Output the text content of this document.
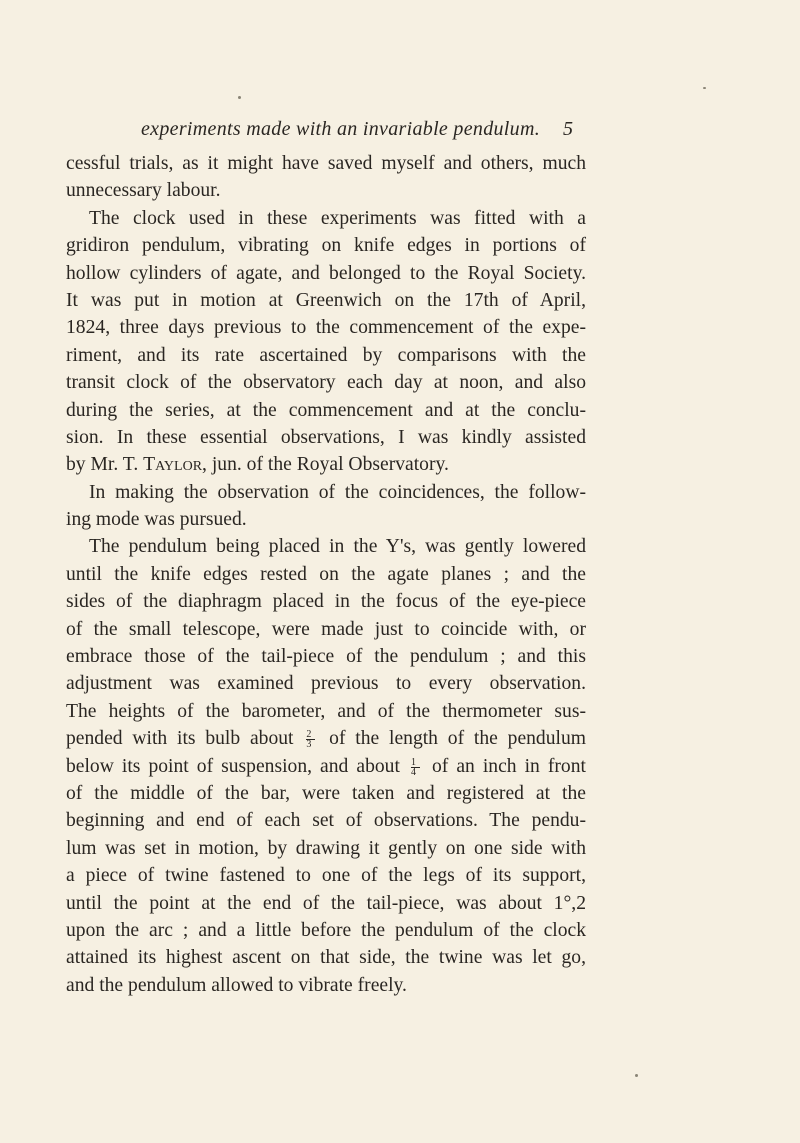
experiments made with an invariable pendulum. 5
cessful trials, as it might have saved myself and others, much
unnecessary labour.
The clock used in these experiments was fitted with a
gridiron pendulum, vibrating on knife edges in portions of
hollow cylinders of agate, and belonged to the Royal Society.
It was put in motion at Greenwich on the 17th of April,
1824, three days previous to the commencement of the expe-
riment, and its rate ascertained by comparisons with the
transit clock of the observatory each day at noon, and also
during the series, at the commencement and at the conclu-
sion. In these essential observations, I was kindly assisted
by Mr. T. Taylor, jun. of the Royal Observatory.
In making the observation of the coincidences, the follow-
ing mode was pursued.
The pendulum being placed in the Y's, was gently lowered
until the knife edges rested on the agate planes ; and the
sides of the diaphragm placed in the focus of the eye-piece
of the small telescope, were made just to coincide with, or
embrace those of the tail-piece of the pendulum ; and this
adjustment was examined previous to every observation.
The heights of the barometer, and of the thermometer sus-
pended with its bulb about $\frac{2}{3}$ of the length of the pendulum
below its point of suspension, and about $\frac{1}{4}$ of an inch in front
of the middle of the bar, were taken and registered at the
beginning and end of each set of observations. The pendu-
lum was set in motion, by drawing it gently on one side with
a piece of twine fastened to one of the legs of its support,
until the point at the end of the tail-piece, was about 1°,2
upon the arc ; and a little before the pendulum of the clock
attained its highest ascent on that side, the twine was let go,
and the pendulum allowed to vibrate freely.
